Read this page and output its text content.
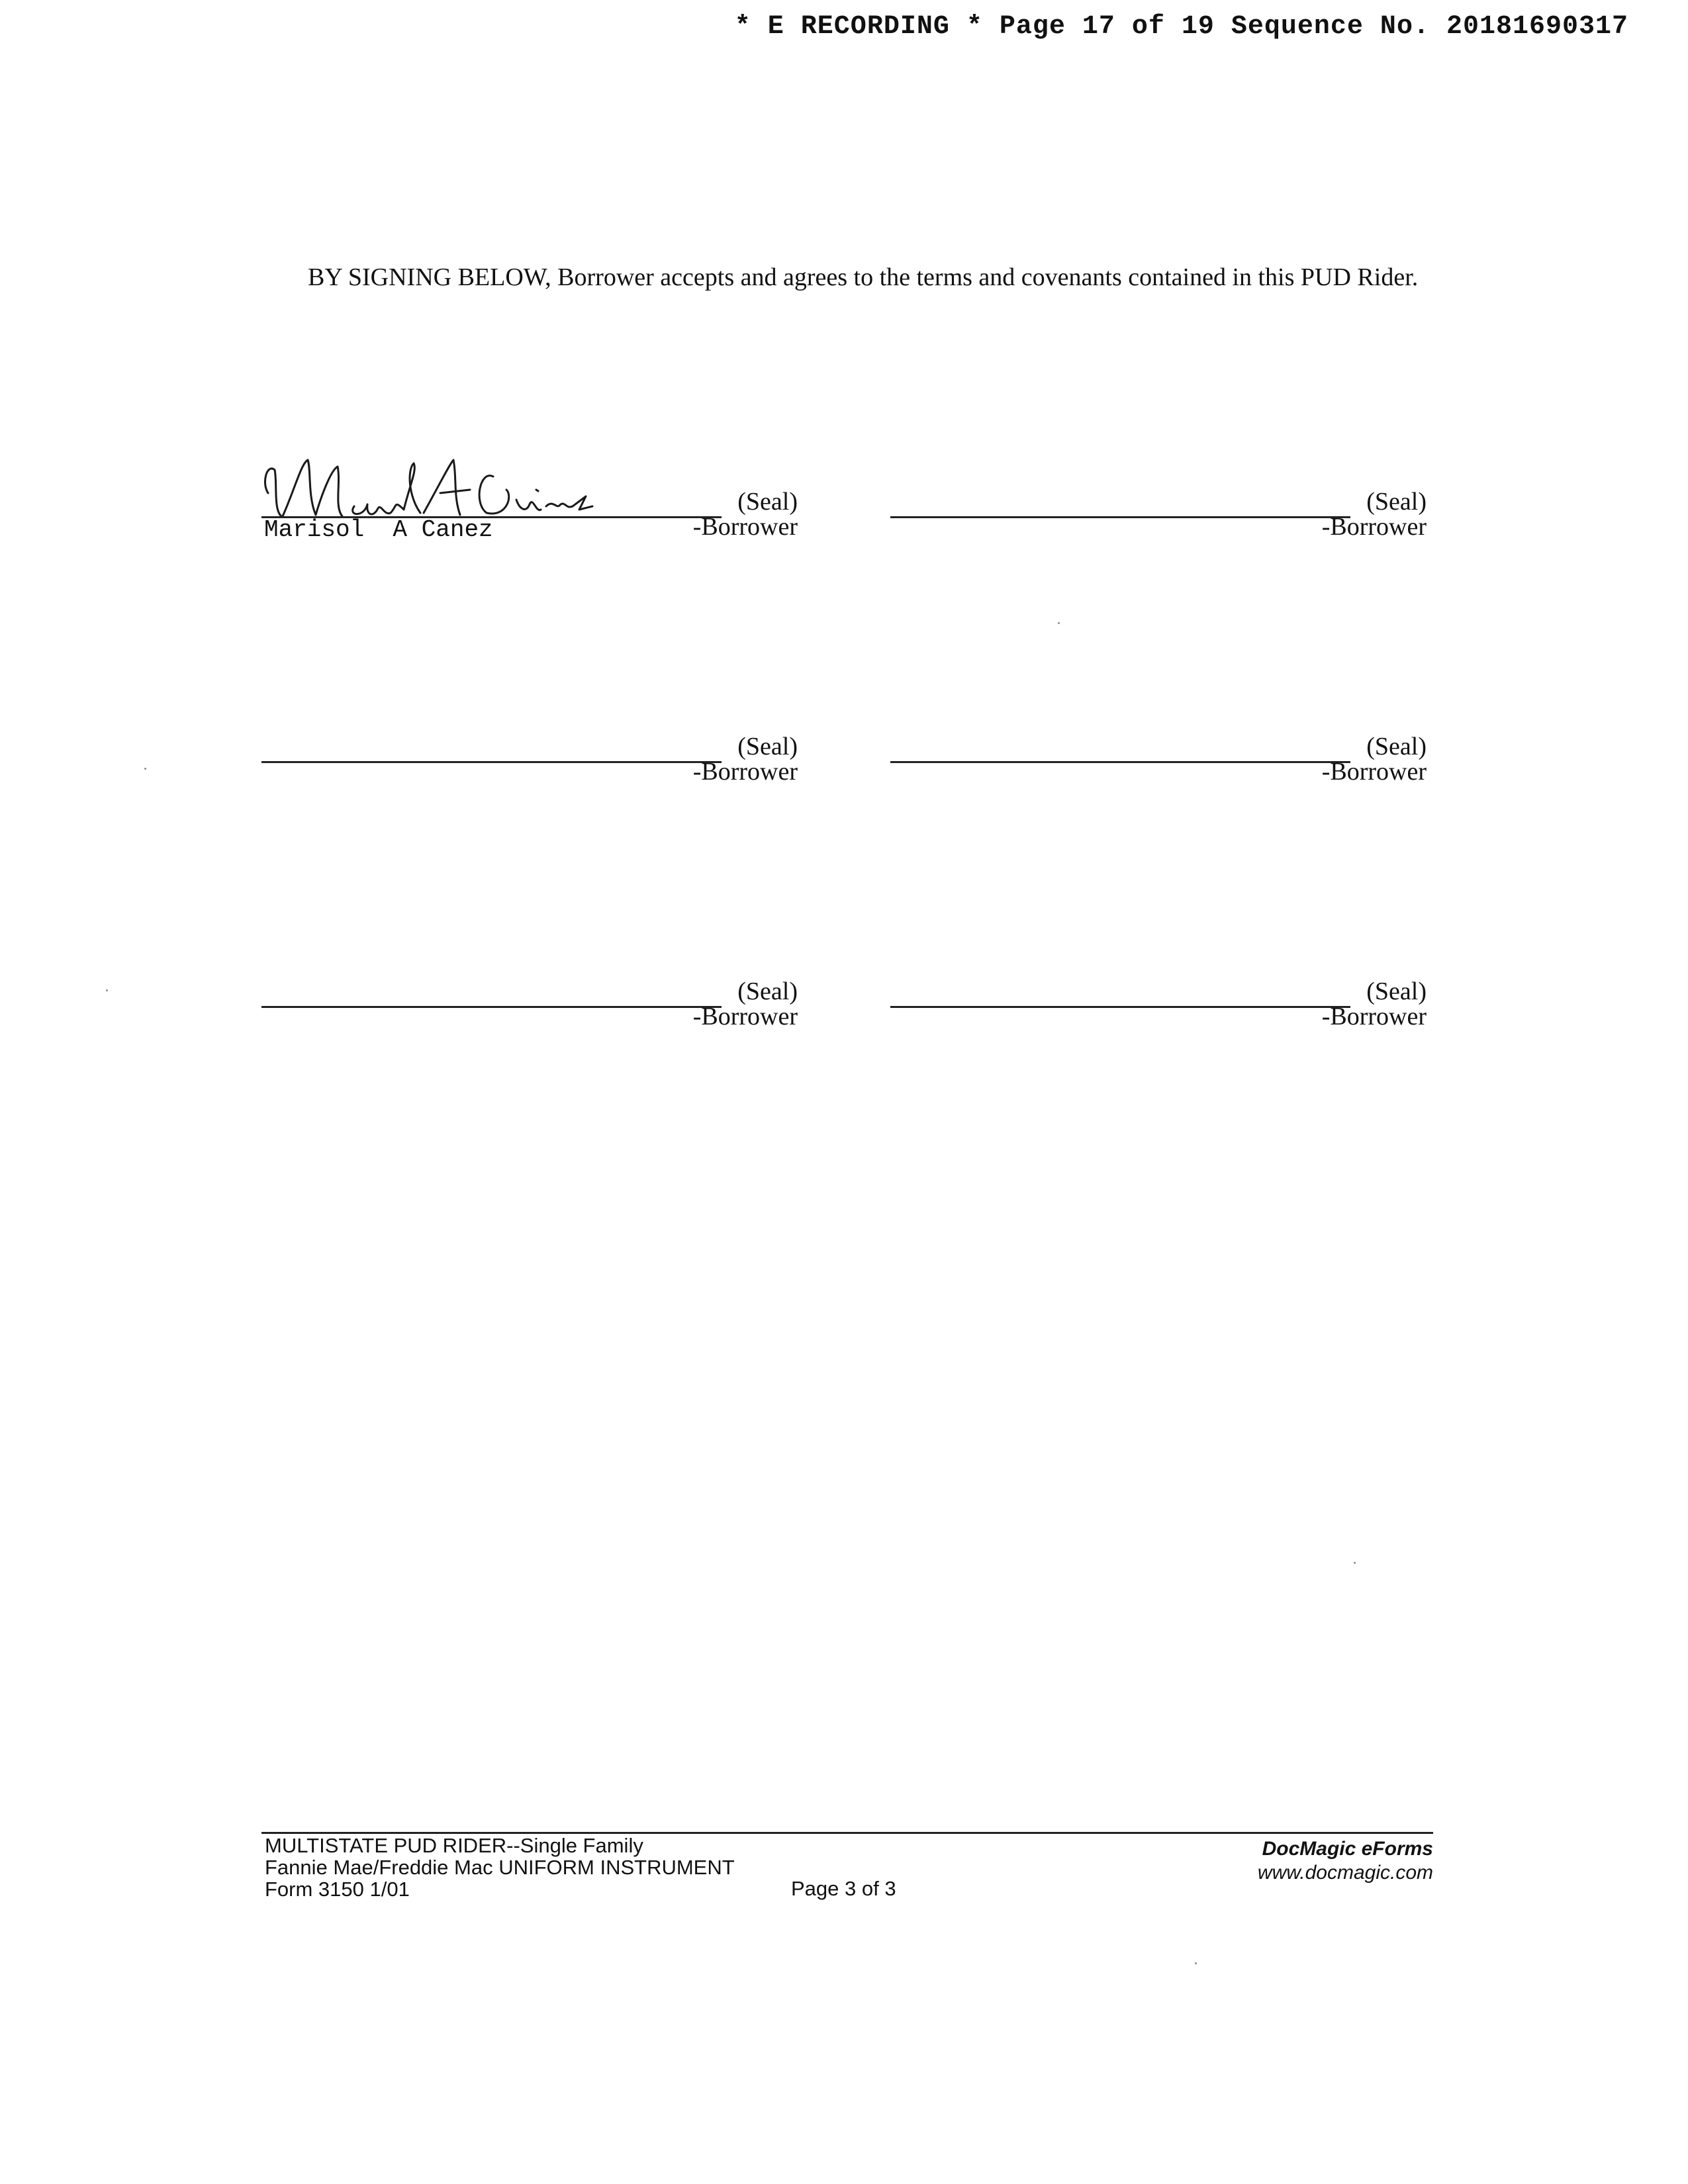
* E RECORDING * Page 17 of 19 Sequence No. 20181690317
BY SIGNING BELOW, Borrower accepts and agrees to the terms and covenants contained in this PUD Rider.
(Seal)
-Borrower
Marisol  A Canez
(Seal)
-Borrower
(Seal)
-Borrower
(Seal)
-Borrower
(Seal)
-Borrower
(Seal)
-Borrower
MULTISTATE PUD RIDER--Single Family
Fannie Mae/Freddie Mac UNIFORM INSTRUMENT
Form 3150 1/01	Page 3 of 3
DocMagic eForms
www.docmagic.com
